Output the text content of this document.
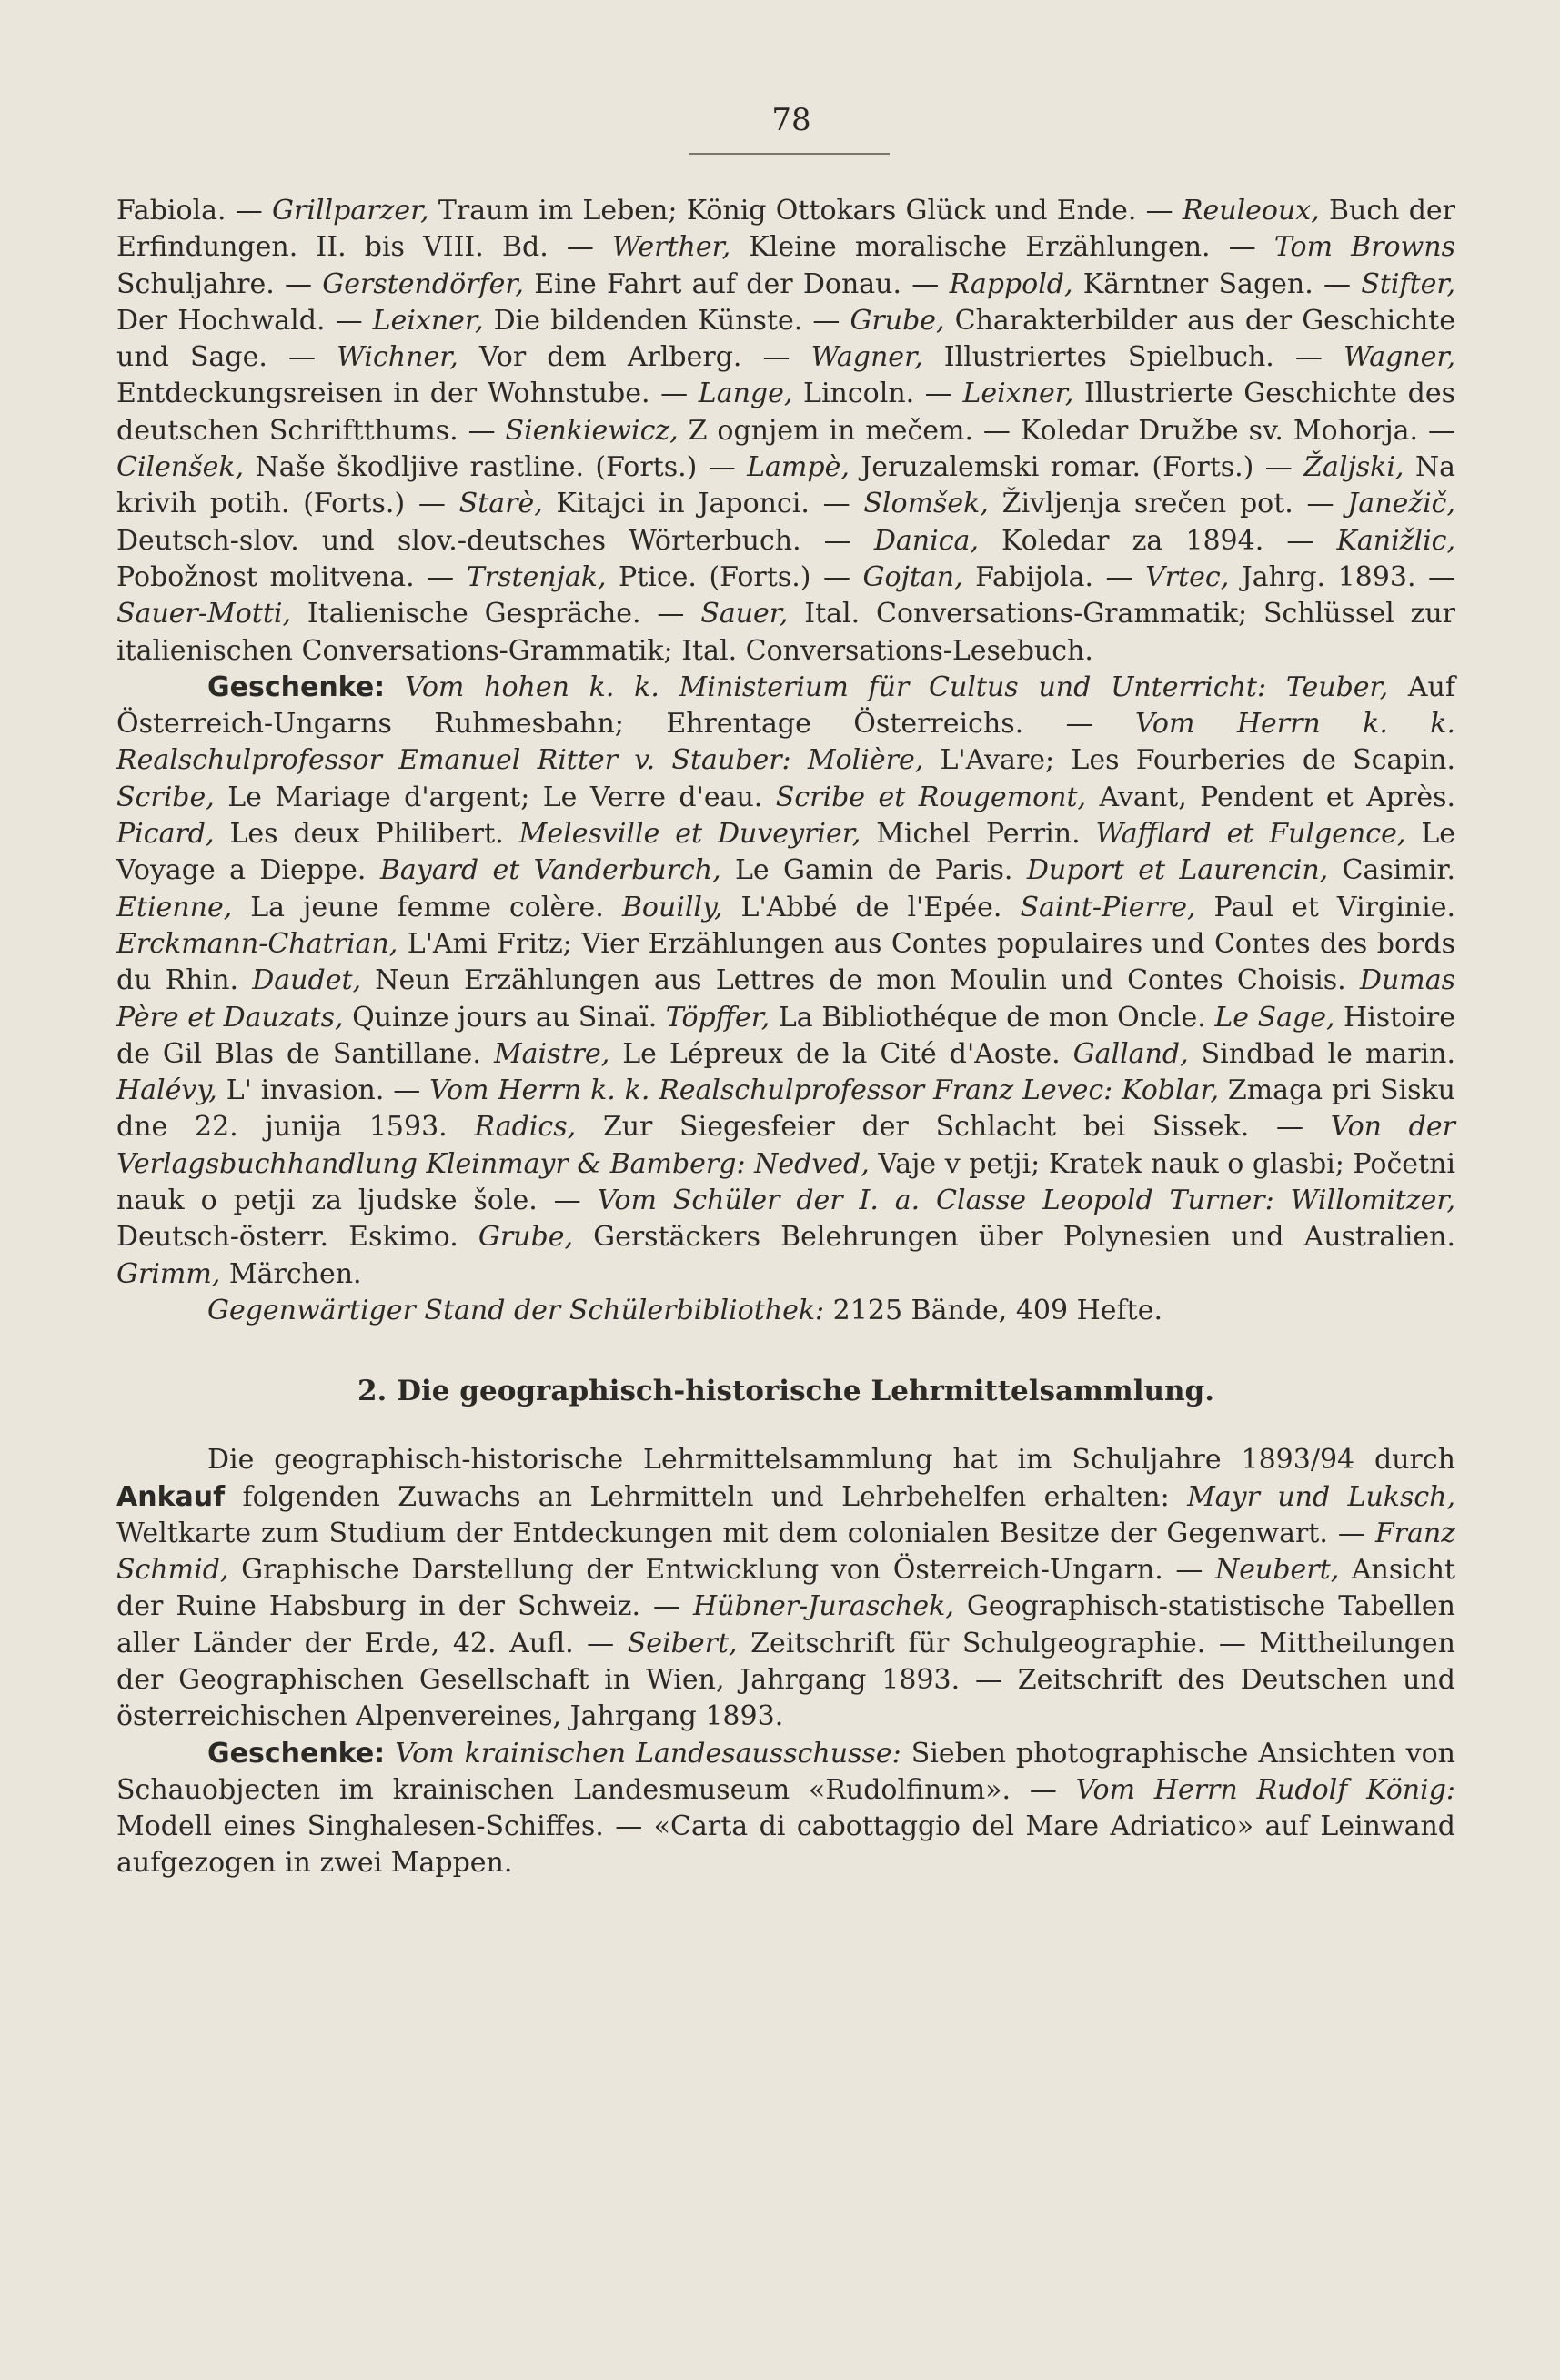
78

Fabiola. — Grillparzer, Traum im Leben; König Ottokars Glück und Ende. — Reuleoux, Buch der Erfindungen. II. bis VIII. Bd. — Werther, Kleine moralische Erzählungen. — Tom Browns Schuljahre. — Gerstendörfer, Eine Fahrt auf der Donau. — Rappold, Kärntner Sagen. — Stifter, Der Hochwald. — Leixner, Die bildenden Künste. — Grube, Charakterbilder aus der Geschichte und Sage. — Wichner, Vor dem Arlberg. — Wagner, Illustriertes Spielbuch. — Wagner, Entdeckungsreisen in der Wohnstube. — Lange, Lincoln. — Leixner, Illustrierte Geschichte des deutschen Schriftthums. — Sienkiewicz, Z ognjem in mečem. — Koledar Družbe sv. Mohorja. — Cilenšek, Naše škodljive rastline. (Forts.) — Lampè, Jeruzalemski romar. (Forts.) — Žaljski, Na krivih potih. (Forts.) — Starè, Kitajci in Japonci. — Slomšek, Življenja srečen pot. — Janežič, Deutsch-slov. und slov.-deutsches Wörterbuch. — Danica, Koledar za 1894. — Kanižlic, Pobožnost molitvena. — Trstenjak, Ptice. (Forts.) — Gojtan, Fabijola. — Vrtec, Jahrg. 1893. — Sauer-Motti, Italienische Gespräche. — Sauer, Ital. Conversations-Grammatik; Schlüssel zur italienischen Conversations-Grammatik; Ital. Conversations-Lesebuch.

Geschenke: Vom hohen k. k. Ministerium für Cultus und Unterricht: Teuber, Auf Österreich-Ungarns Ruhmesbahn; Ehrentage Österreichs. — Vom Herrn k. k. Realschulprofessor Emanuel Ritter v. Stauber: Molière, L'Avare; Les Fourberies de Scapin. Scribe, Le Mariage d'argent; Le Verre d'eau. Scribe et Rougemont, Avant, Pendent et Après. Picard, Les deux Philibert. Melesville et Duveyrier, Michel Perrin. Wafflard et Fulgence, Le Voyage a Dieppe. Bayard et Vanderburch, Le Gamin de Paris. Duport et Laurencin, Casimir. Etienne, La jeune femme colère. Bouilly, L'Abbé de l'Epée. Saint-Pierre, Paul et Virginie. Erckmann-Chatrian, L'Ami Fritz; Vier Erzählungen aus Contes populaires und Contes des bords du Rhin. Daudet, Neun Erzählungen aus Lettres de mon Moulin und Contes Choisis. Dumas Père et Dauzats, Quinze jours au Sinaï. Töpffer, La Bibliothéque de mon Oncle. Le Sage, Histoire de Gil Blas de Santillane. Maistre, Le Lépreux de la Cité d'Aoste. Galland, Sindbad le marin. Halévy, L' invasion. — Vom Herrn k. k. Realschulprofessor Franz Levec: Koblar, Zmaga pri Sisku dne 22. junija 1593. Radics, Zur Siegesfeier der Schlacht bei Sissek. — Von der Verlagsbuchhandlung Kleinmayr & Bamberg: Nedved, Vaje v petji; Kratek nauk o glasbi; Početni nauk o petji za ljudske šole. — Vom Schüler der I. a. Classe Leopold Turner: Willomitzer, Deutsch-österr. Eskimo. Grube, Gerstäckers Belehrungen über Polynesien und Australien. Grimm, Märchen.

Gegenwärtiger Stand der Schülerbibliothek: 2125 Bände, 409 Hefte.

2. Die geographisch-historische Lehrmittelsammlung.

Die geographisch-historische Lehrmittelsammlung hat im Schuljahre 1893/94 durch Ankauf folgenden Zuwachs an Lehrmitteln und Lehrbehelfen erhalten: Mayr und Luksch, Weltkarte zum Studium der Entdeckungen mit dem colonialen Besitze der Gegenwart. — Franz Schmid, Graphische Darstellung der Entwicklung von Österreich-Ungarn. — Neubert, Ansicht der Ruine Habsburg in der Schweiz. — Hübner-Juraschek, Geographisch-statistische Tabellen aller Länder der Erde, 42. Aufl. — Seibert, Zeitschrift für Schulgeographie. — Mittheilungen der Geographischen Gesellschaft in Wien, Jahrgang 1893. — Zeitschrift des Deutschen und österreichischen Alpenvereines, Jahrgang 1893.

Geschenke: Vom krainischen Landesausschusse: Sieben photographische Ansichten von Schauobjecten im krainischen Landesmuseum «Rudolfinum». — Vom Herrn Rudolf König: Modell eines Singhalesen-Schiffes. — «Carta di cabottaggio del Mare Adriatico» auf Leinwand aufgezogen in zwei Mappen.
